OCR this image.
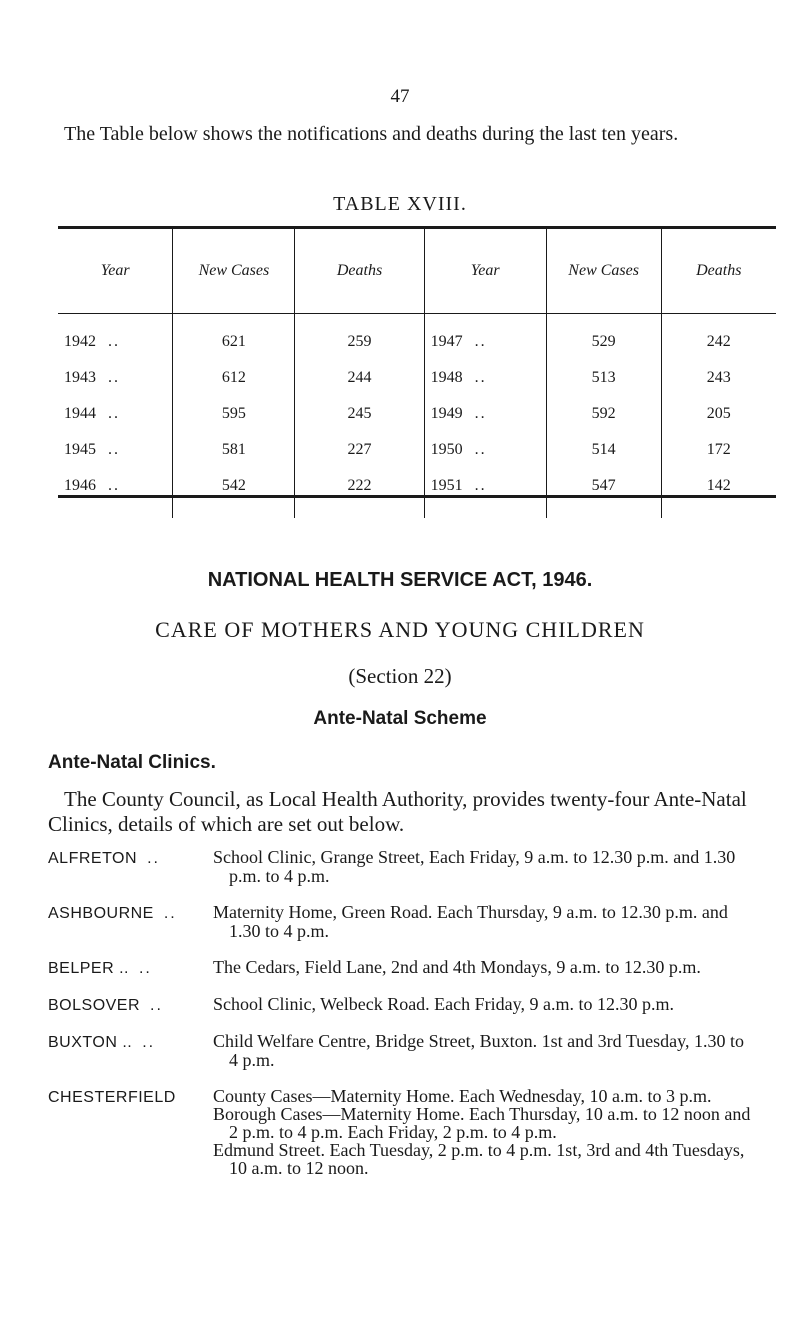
47

The Table below shows the notifications and deaths during the last ten years.

TABLE XVIII.
Year	New Cases	Deaths	Year	New Cases	Deaths
1942 ..	621	259	1947 ..	529	242
1943 ..	612	244	1948 ..	513	243
1944 ..	595	245	1949 ..	592	205
1945 ..	581	227	1950 ..	514	172
1946 ..	542	222	1951 ..	547	142
NATIONAL HEALTH SERVICE ACT, 1946.
CARE OF MOTHERS AND YOUNG CHILDREN
(Section 22)
Ante-Natal Scheme
Ante-Natal Clinics.

The County Council, as Local Health Authority, provides twenty-four Ante-Natal Clinics, details of which are set out below.

ALFRETON ..	School Clinic, Grange Street, Each Friday, 9 a.m. to 12.30 p.m. and 1.30 p.m. to 4 p.m.
ASHBOURNE ..	Maternity Home, Green Road. Each Thursday, 9 a.m. to 12.30 p.m. and 1.30 to 4 p.m.
BELPER .. ..	The Cedars, Field Lane, 2nd and 4th Mondays, 9 a.m. to 12.30 p.m.
BOLSOVER ..	School Clinic, Welbeck Road. Each Friday, 9 a.m. to 12.30 p.m.
BUXTON .. ..	Child Welfare Centre, Bridge Street, Buxton. 1st and 3rd Tuesday, 1.30 to 4 p.m.
CHESTERFIELD	County Cases—Maternity Home. Each Wednesday, 10 a.m. to 3 p.m.
Borough Cases—Maternity Home. Each Thursday, 10 a.m. to 12 noon and 2 p.m. to 4 p.m. Each Friday, 2 p.m. to 4 p.m.
Edmund Street. Each Tuesday, 2 p.m. to 4 p.m. 1st, 3rd and 4th Tuesdays, 10 a.m. to 12 noon.
